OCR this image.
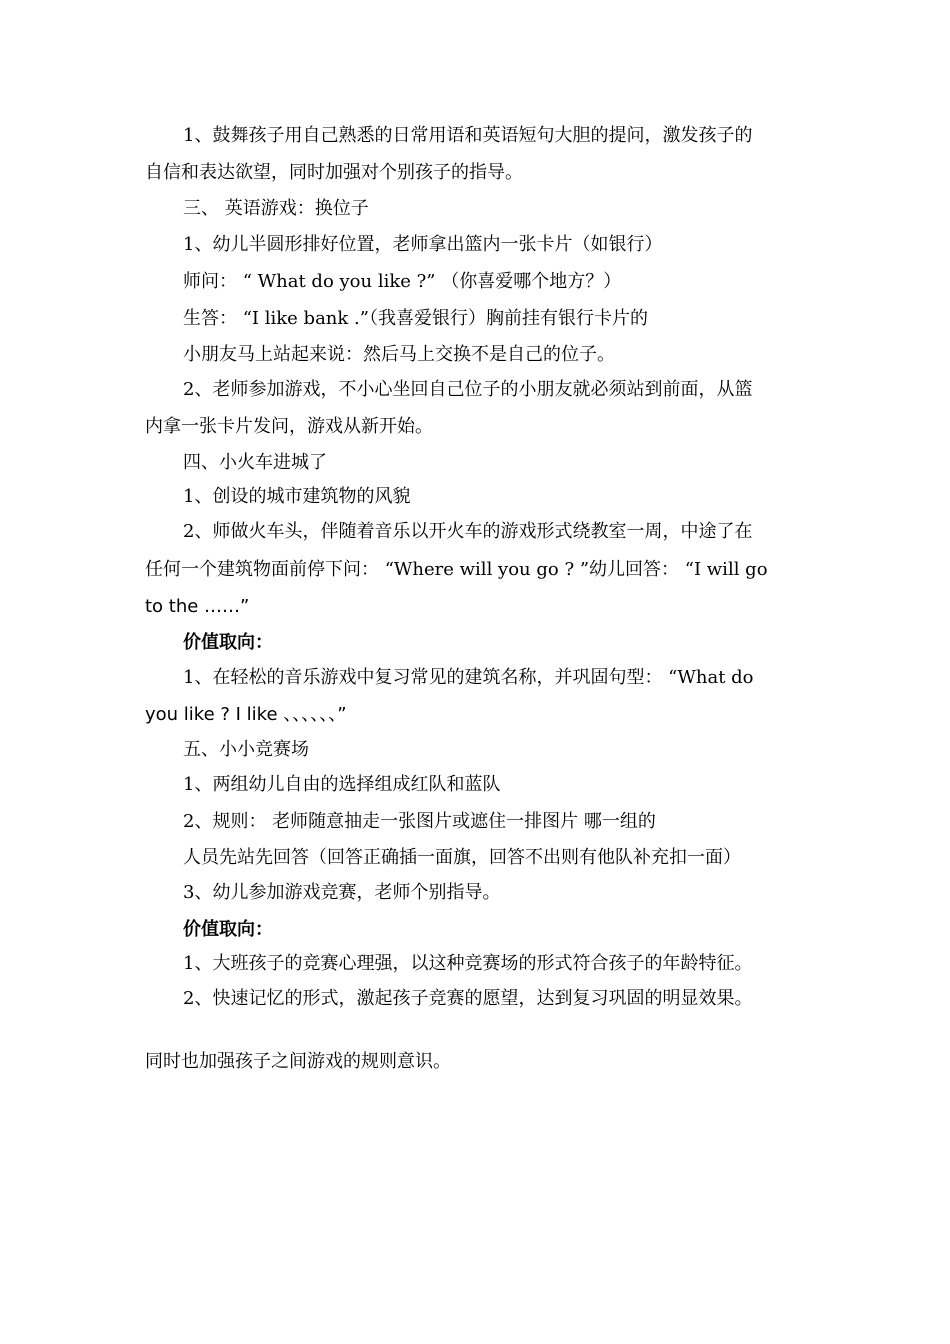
1、鼓舞孩子用自己熟悉的日常用语和英语短句大胆的提问，激发孩子的
自信和表达欲望，同时加强对个别孩子的指导。
三、 英语游戏：换位子
1、幼儿半圆形排好位置，老师拿出篮内一张卡片（如银行）
师问： “ What do you like ?” （你喜爱哪个地方？）
生答： “I like bank .”（我喜爱银行）胸前挂有银行卡片的
小朋友马上站起来说：然后马上交换不是自己的位子。
2、老师参加游戏，不小心坐回自己位子的小朋友就必须站到前面，从篮
内拿一张卡片发问，游戏从新开始。
四、小火车进城了
1、创设的城市建筑物的风貌
2、师做火车头，伴随着音乐以开火车的游戏形式绕教室一周，中途了在
任何一个建筑物面前停下问： “Where will you go ? ”幼儿回答： “I will go
to the ……”
价值取向：
1、在轻松的音乐游戏中复习常见的建筑名称，并巩固句型： “What do
you like ? I like 、、、、、、”
五、小小竞赛场
1、两组幼儿自由的选择组成红队和蓝队
2、规则： 老师随意抽走一张图片或遮住一排图片 哪一组的
人员先站先回答（回答正确插一面旗，回答不出则有他队补充扣一面）
3、幼儿参加游戏竞赛，老师个别指导。
价值取向：
1、大班孩子的竞赛心理强，以这种竞赛场的形式符合孩子的年龄特征。
2、快速记忆的形式，激起孩子竞赛的愿望，达到复习巩固的明显效果。
同时也加强孩子之间游戏的规则意识。
